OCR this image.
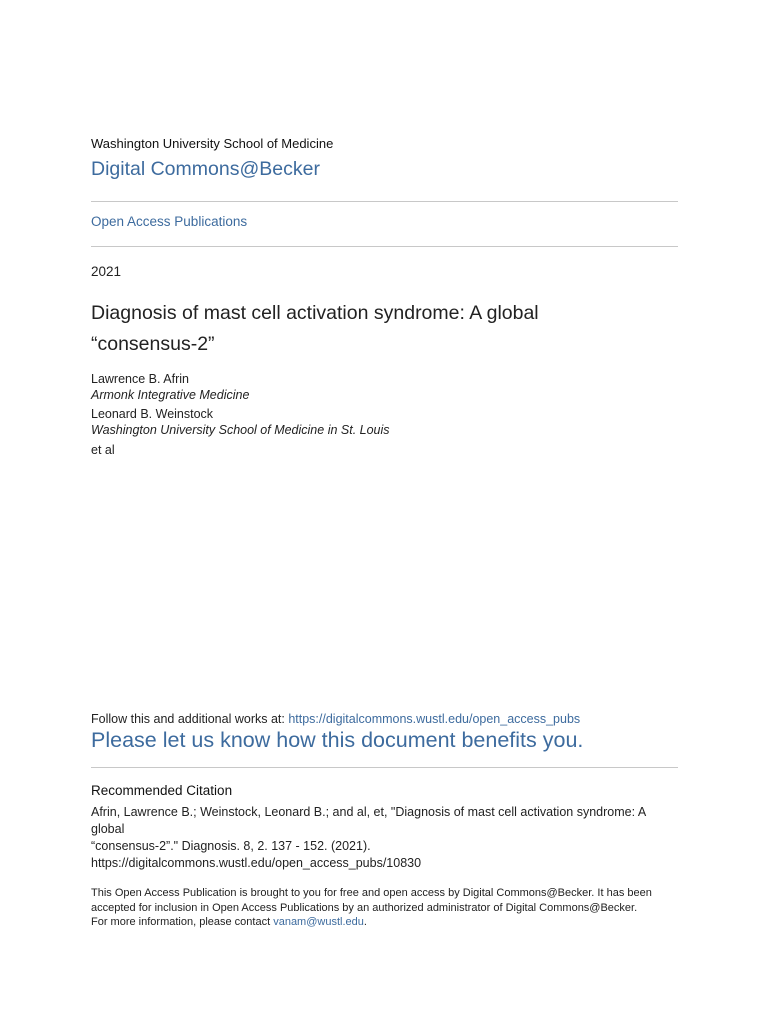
Washington University School of Medicine
Digital Commons@Becker
Open Access Publications
2021
Diagnosis of mast cell activation syndrome: A global
“consensus-2”
Lawrence B. Afrin
Armonk Integrative Medicine
Leonard B. Weinstock
Washington University School of Medicine in St. Louis
et al
Follow this and additional works at: https://digitalcommons.wustl.edu/open_access_pubs
Please let us know how this document benefits you.
Recommended Citation
Afrin, Lawrence B.; Weinstock, Leonard B.; and al, et, "Diagnosis of mast cell activation syndrome: A global
“consensus-2”." Diagnosis. 8, 2. 137 - 152. (2021).
https://digitalcommons.wustl.edu/open_access_pubs/10830
This Open Access Publication is brought to you for free and open access by Digital Commons@Becker. It has been
accepted for inclusion in Open Access Publications by an authorized administrator of Digital Commons@Becker.
For more information, please contact vanam@wustl.edu.
